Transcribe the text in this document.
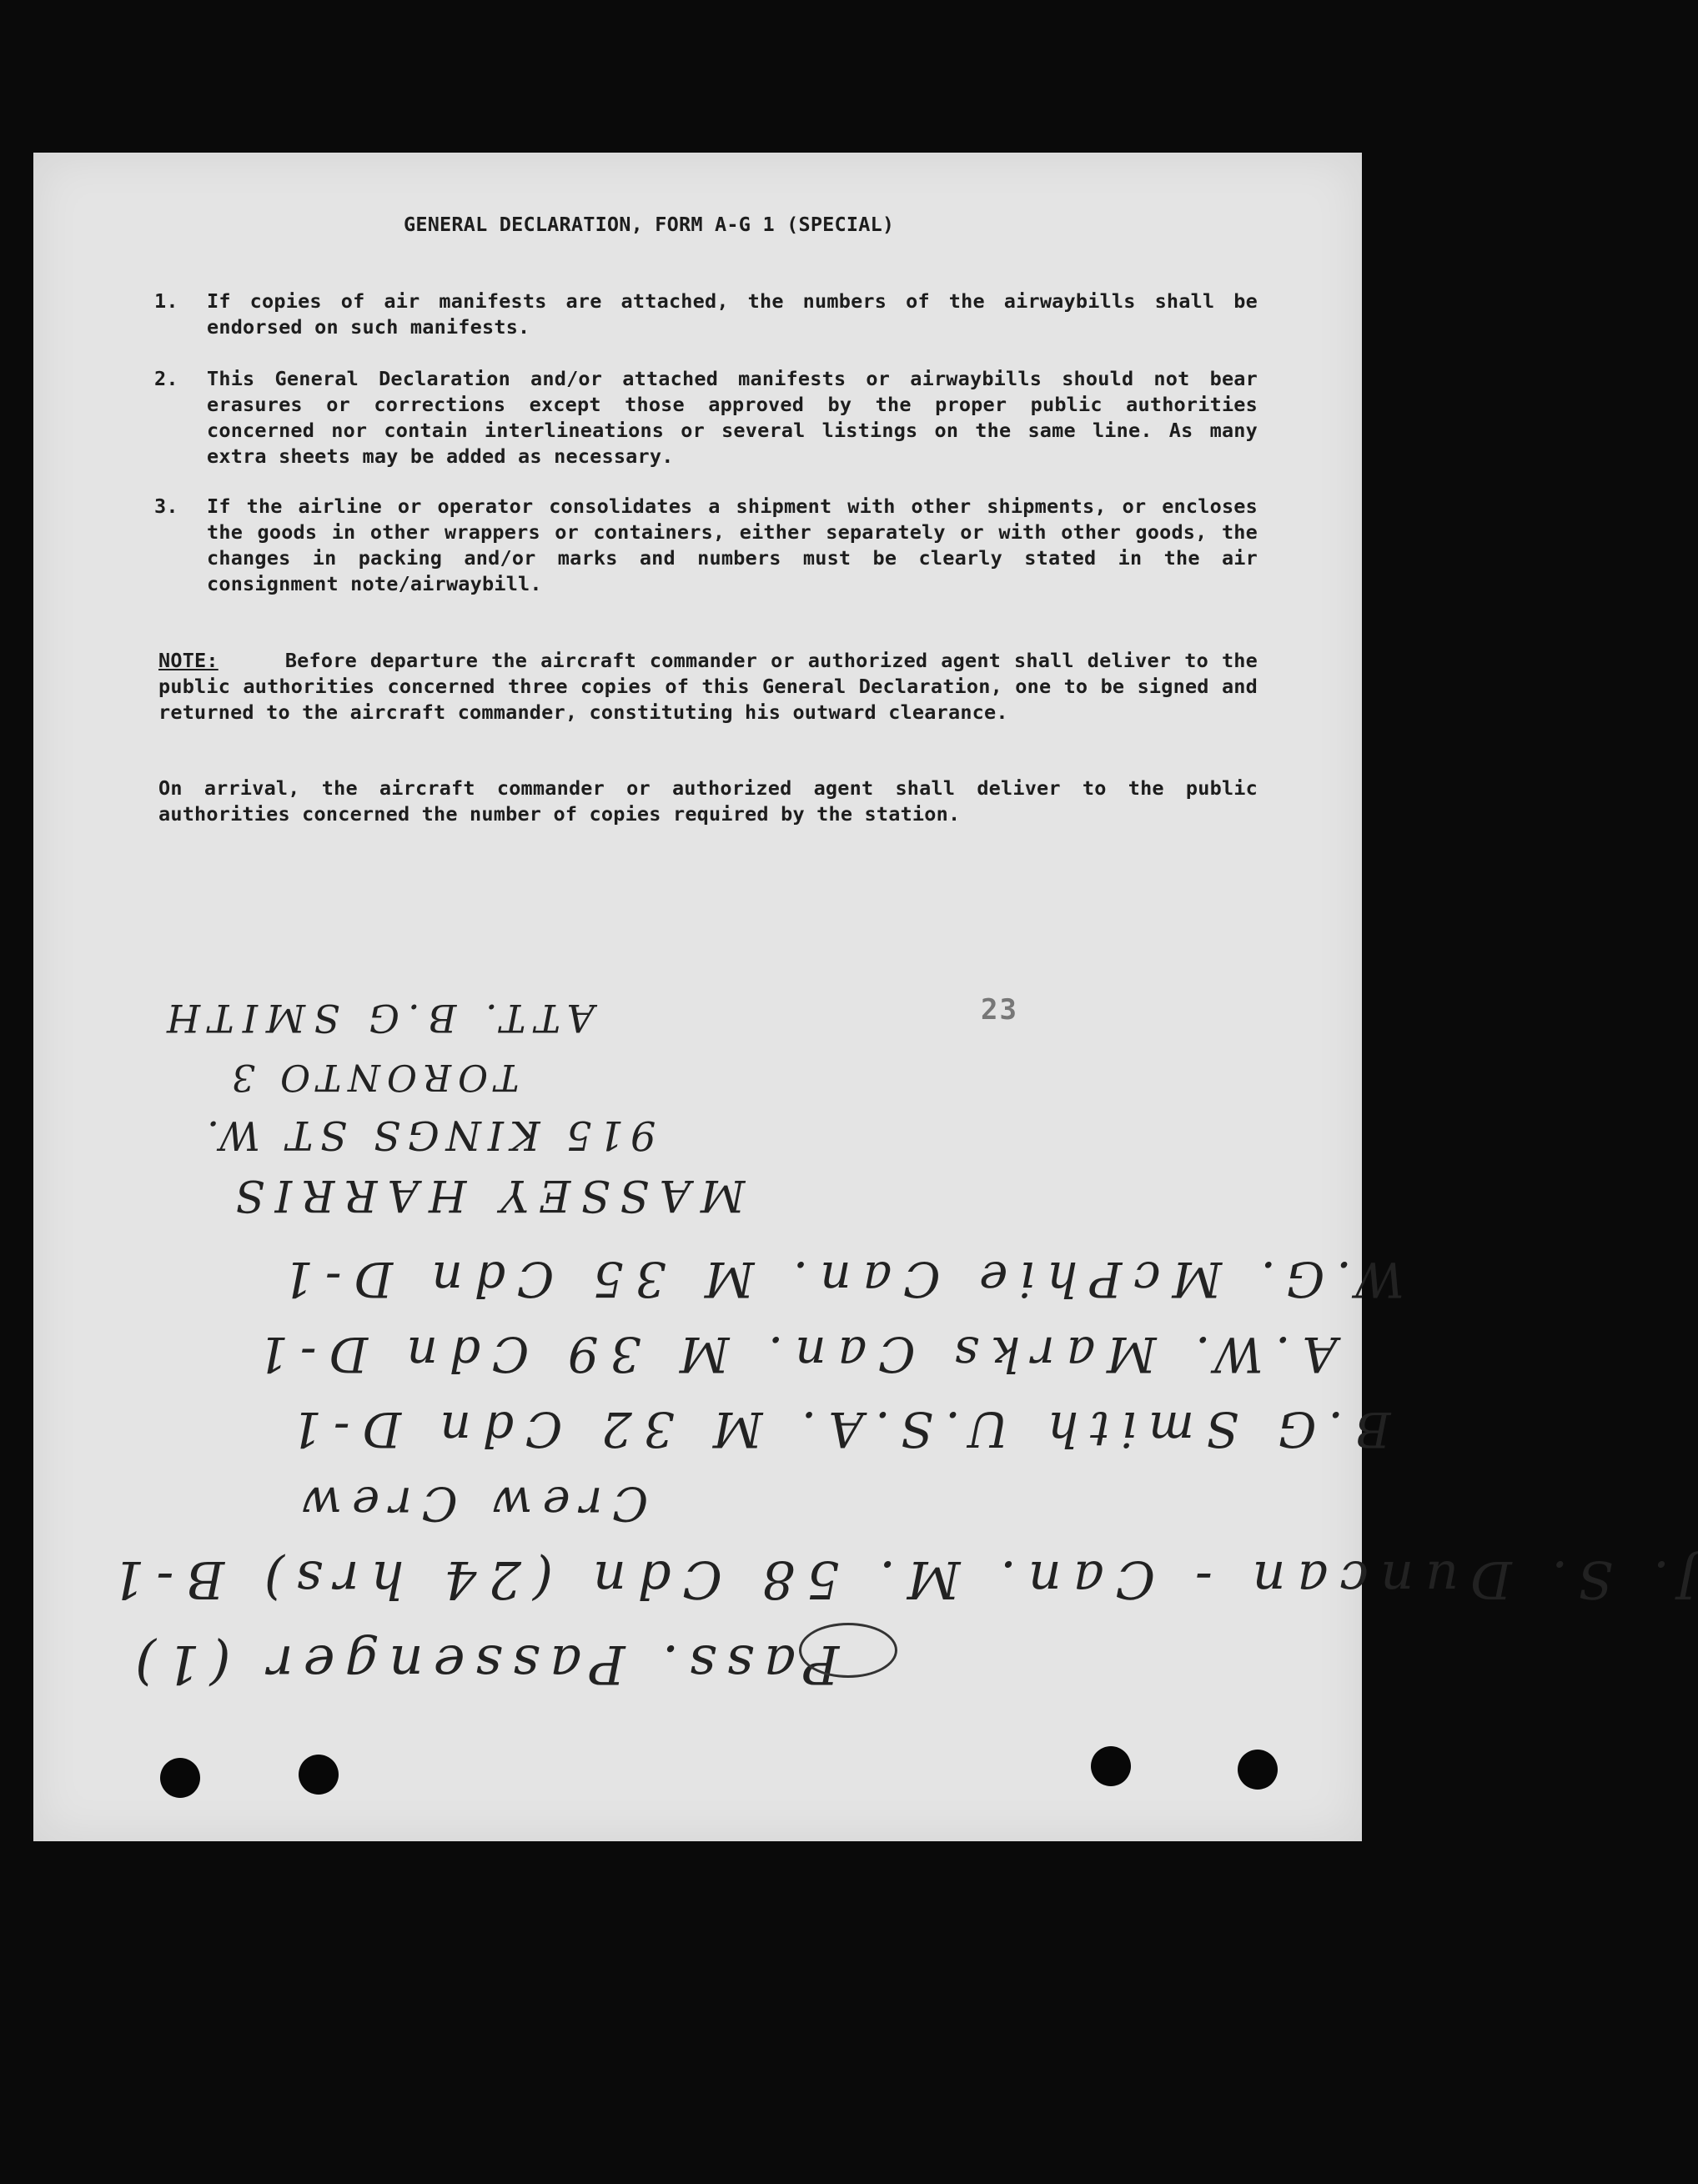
GENERAL DECLARATION, FORM A-G 1 (SPECIAL)
1.	If copies of air manifests are attached, the numbers of the airwaybills shall be endorsed on such manifests.
2.	This General Declaration and/or attached manifests or airwaybills should not bear erasures or corrections except those approved by the proper public authorities concerned nor contain interlineations or several listings on the same line. As many extra sheets may be added as necessary.
3.	If the airline or operator consolidates a shipment with other shipments, or encloses the goods in other wrappers or containers, either separately or with other goods, the changes in packing and/or marks and numbers must be clearly stated in the air consignment note/airwaybill.
NOTE:	Before departure the aircraft commander or authorized agent shall deliver to the public authorities concerned three copies of this General Declaration, one to be signed and returned to the aircraft commander, constituting his outward clearance.
On arrival, the aircraft commander or authorized agent shall deliver to the public authorities concerned the number of copies required by the station.
23
ATT. B.G SMITH
TORONTO 3
915 KINGS ST W.
MASSEY HARRIS
W.G. McPhie Can. M 35 Cdn D-1
A.W. Marks Can. M 39 Cdn D-1
B.G Smith U.S.A. M 32 Cdn D-1
Crew Crew
J. S. Duncan - Can. M. 58 Cdn (24 hrs) B-1
Pass. Passenger (1)
